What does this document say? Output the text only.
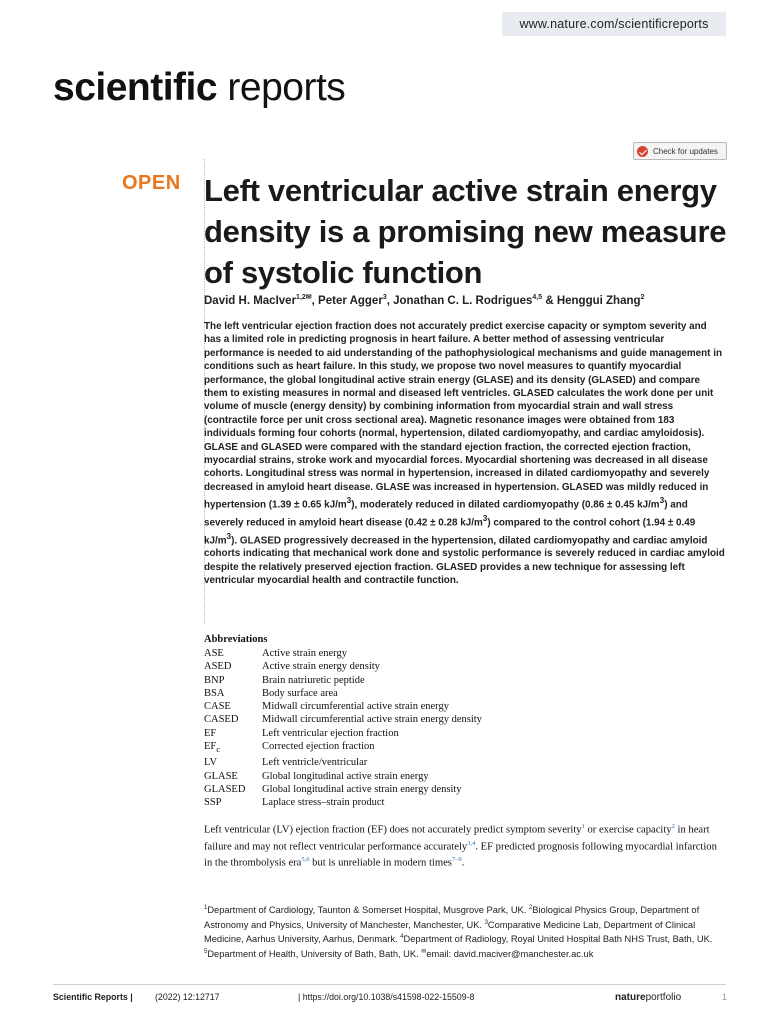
www.nature.com/scientificreports
scientific reports
Check for updates
OPEN Left ventricular active strain energy density is a promising new measure of systolic function
David H. MacIver$^{1,2✉}$, Peter Agger$^3$, Jonathan C. L. Rodrigues$^{4,5}$ & Henggui Zhang$^2$

The left ventricular ejection fraction does not accurately predict exercise capacity or symptom severity and has a limited role in predicting prognosis in heart failure. A better method of assessing ventricular performance is needed to aid understanding of the pathophysiological mechanisms and guide management in conditions such as heart failure. In this study, we propose two novel measures to quantify myocardial performance, the global longitudinal active strain energy (GLASE) and its density (GLASED) and compare them to existing measures in normal and diseased left ventricles. GLASED calculates the work done per unit volume of muscle (energy density) by combining information from myocardial strain and wall stress (contractile force per unit cross sectional area). Magnetic resonance images were obtained from 183 individuals forming four cohorts (normal, hypertension, dilated cardiomyopathy, and cardiac amyloidosis). GLASE and GLASED were compared with the standard ejection fraction, the corrected ejection fraction, myocardial strains, stroke work and myocardial forces. Myocardial shortening was decreased in all disease cohorts. Longitudinal stress was normal in hypertension, increased in dilated cardiomyopathy and severely decreased in amyloid heart disease. GLASE was increased in hypertension. GLASED was mildly reduced in hypertension (1.39 ± 0.65 $kJ/m^3$), moderately reduced in dilated cardiomyopathy (0.86 ± 0.45 $kJ/m^3$) and severely reduced in amyloid heart disease (0.42 ± 0.28 $kJ/m^3$) compared to the control cohort (1.94 ± 0.49 $kJ/m^3$). GLASED progressively decreased in the hypertension, dilated cardiomyopathy and cardiac amyloid cohorts indicating that mechanical work done and systolic performance is severely reduced in cardiac amyloid despite the relatively preserved ejection fraction. GLASED provides a new technique for assessing left ventricular myocardial health and contractile function.

Abbreviations
ASE	Active strain energy
ASED	Active strain energy density
BNP	Brain natriuretic peptide
BSA	Body surface area
CASE	Midwall circumferential active strain energy
CASED	Midwall circumferential active strain energy density
EF	Left ventricular ejection fraction
$EF_c$	Corrected ejection fraction
LV	Left ventricle/ventricular
GLASE	Global longitudinal active strain energy
GLASED	Global longitudinal active strain energy density
SSP	Laplace stress–strain product

Left ventricular (LV) ejection fraction (EF) does not accurately predict symptom severity$^1$ or exercise capacity$^2$ in heart failure and may not reflect ventricular performance accurately$^{3,4}$. EF predicted prognosis following myocardial infarction in the thrombolysis era$^{5,6}$ but is unreliable in modern times$^{7-9}$.

$^1$Department of Cardiology, Taunton & Somerset Hospital, Musgrove Park, UK. $^2$Biological Physics Group, Department of Astronomy and Physics, University of Manchester, Manchester, UK. $^3$Comparative Medicine Lab, Department of Clinical Medicine, Aarhus University, Aarhus, Denmark. $^4$Department of Radiology, Royal United Hospital Bath NHS Trust, Bath, UK. $^5$Department of Health, University of Bath, Bath, UK. ✉email: david.maciver@manchester.ac.uk

Scientific Reports |	(2022) 12:12717	| https://doi.org/10.1038/s41598-022-15509-8	natureportfolio	1
